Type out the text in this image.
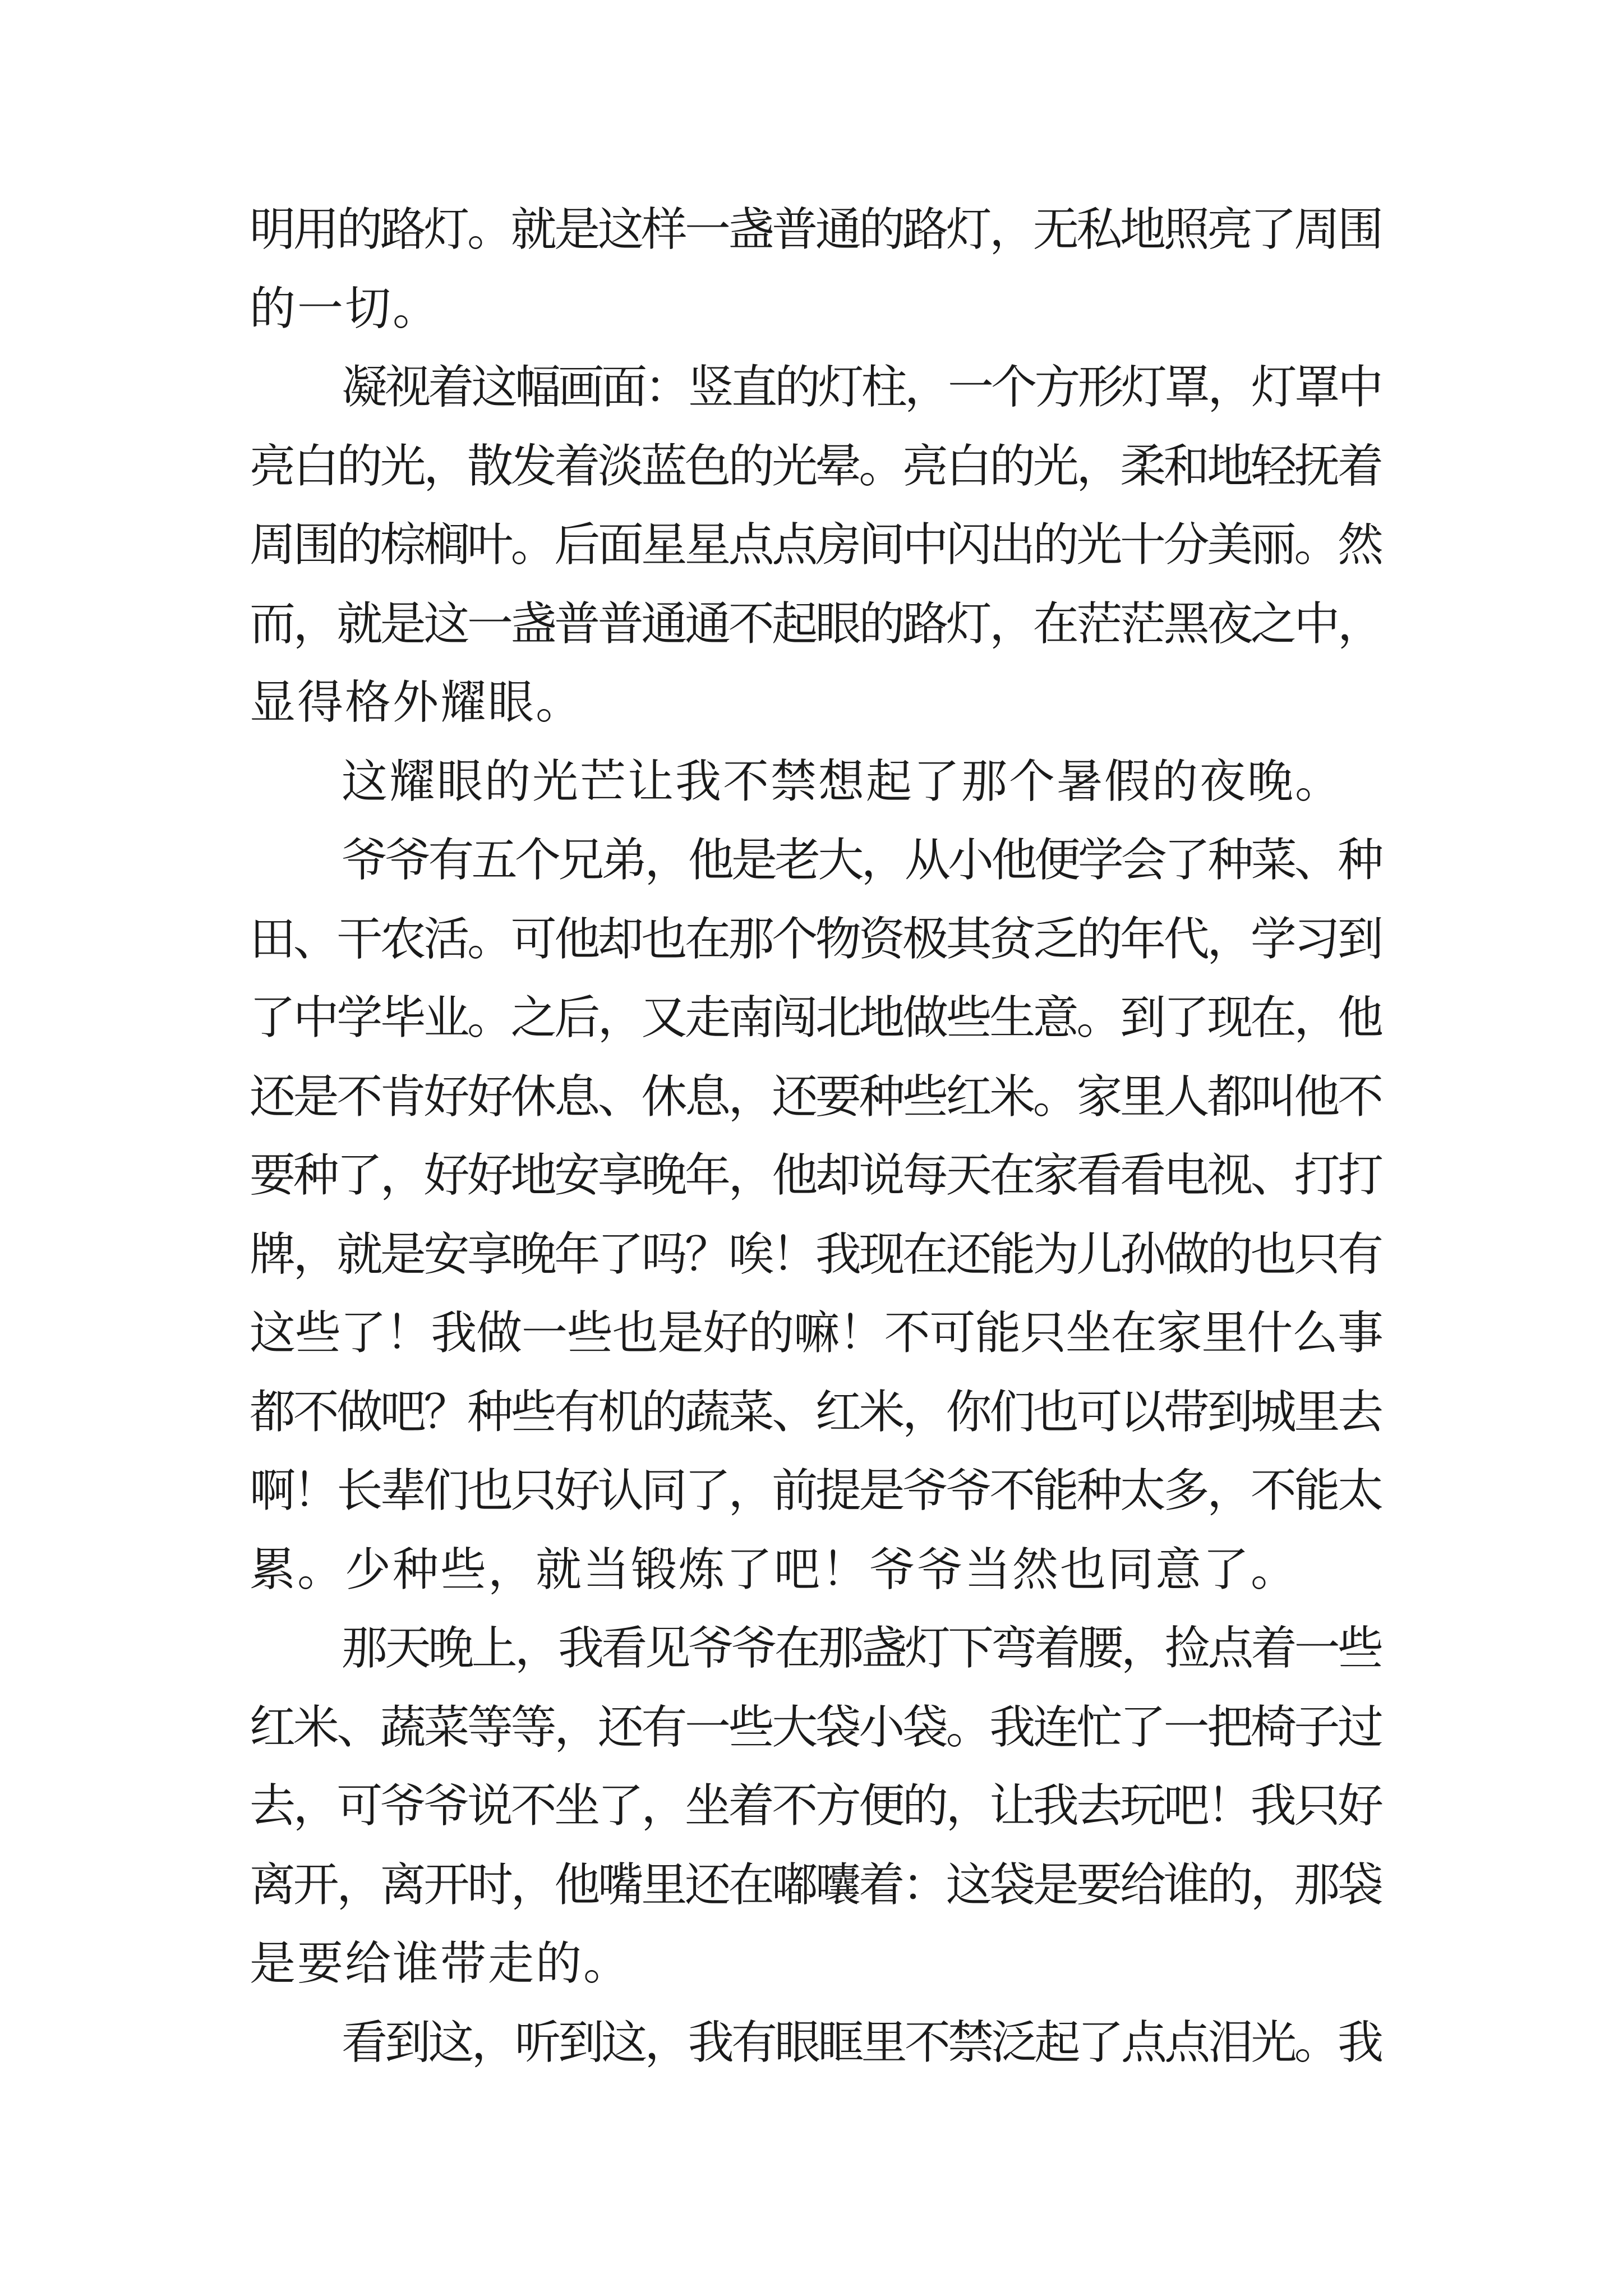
明用的路灯。就是这样一盏普通的路灯，无私地照亮了周围
的一切。
凝视着这幅画面：竖直的灯柱，一个方形灯罩，灯罩中
亮白的光，散发着淡蓝色的光晕。亮白的光，柔和地轻抚着
周围的棕榈叶。后面星星点点房间中闪出的光十分美丽。然
而，就是这一盏普普通通不起眼的路灯，在茫茫黑夜之中，
显得格外耀眼。
这耀眼的光芒让我不禁想起了那个暑假的夜晚。
爷爷有五个兄弟，他是老大，从小他便学会了种菜、种
田、干农活。可他却也在那个物资极其贫乏的年代，学习到
了中学毕业。之后，又走南闯北地做些生意。到了现在，他
还是不肯好好休息、休息，还要种些红米。家里人都叫他不
要种了，好好地安享晚年，他却说每天在家看看电视、打打
牌，就是安享晚年了吗？唉！我现在还能为儿孙做的也只有
这些了！我做一些也是好的嘛！不可能只坐在家里什么事
都不做吧？种些有机的蔬菜、红米，你们也可以带到城里去
啊！长辈们也只好认同了，前提是爷爷不能种太多，不能太
累。少种些，就当锻炼了吧！爷爷当然也同意了。
那天晚上，我看见爷爷在那盏灯下弯着腰，捡点着一些
红米、蔬菜等等，还有一些大袋小袋。我连忙了一把椅子过
去，可爷爷说不坐了，坐着不方便的，让我去玩吧！我只好
离开，离开时，他嘴里还在嘟囔着：这袋是要给谁的，那袋
是要给谁带走的。
看到这，听到这，我有眼眶里不禁泛起了点点泪光。我
